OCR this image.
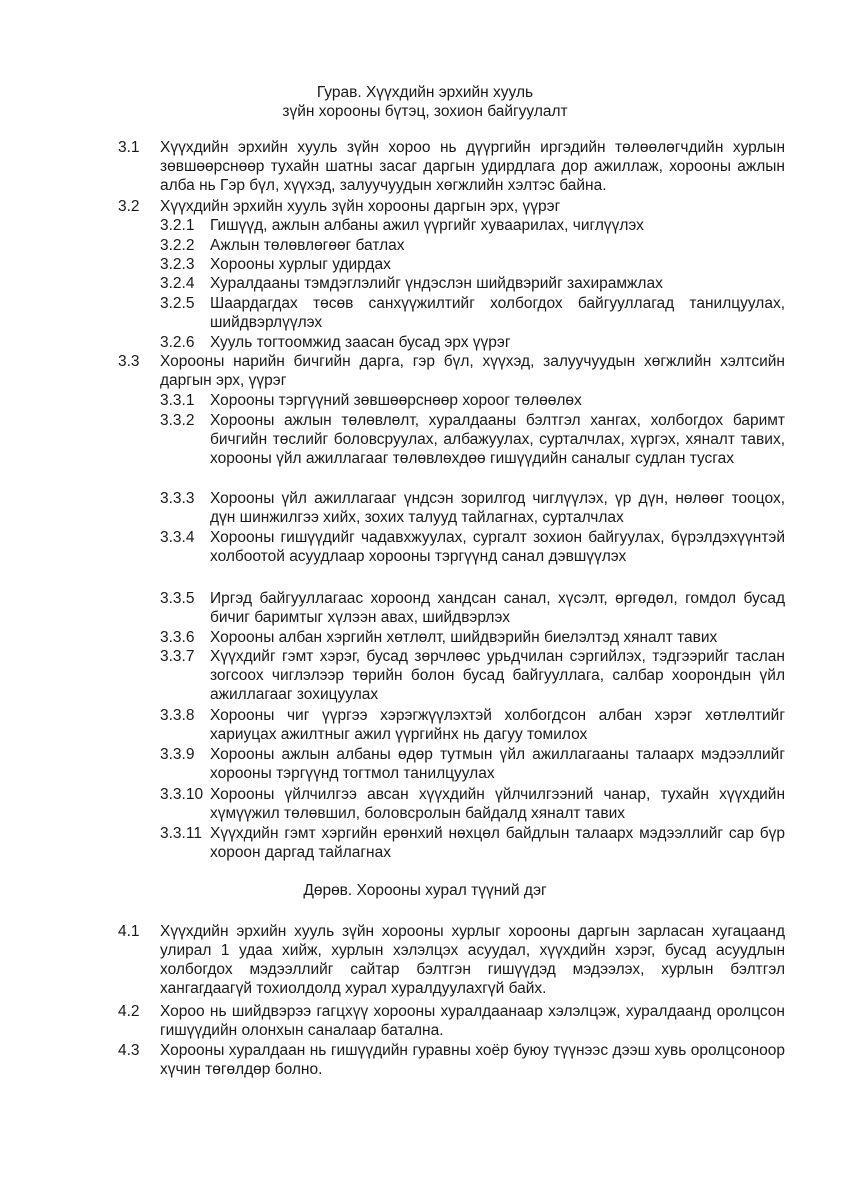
Гурав. Хүүхдийн эрхийн хууль
зүйн хорооны бүтэц, зохион байгуулалт
3.1 Хүүхдийн эрхийн хууль зүйн хороо нь дүүргийн иргэдийн төлөөлөгчдийн хурлын зөвшөөрснөөр тухайн шатны засаг даргын удирдлага дор ажиллаж, хорооны ажлын алба нь Гэр бүл, хүүхэд, залуучуудын хөгжлийн хэлтэс байна.
3.2 Хүүхдийн эрхийн хууль зүйн хорооны даргын эрх, үүрэг
3.2.1 Гишүүд, ажлын албаны ажил үүргийг хуваарилах, чиглүүлэх
3.2.2 Ажлын төлөвлөгөөг батлах
3.2.3 Хорооны хурлыг удирдах
3.2.4 Хуралдааны тэмдэглэлийг үндэслэн шийдвэрийг захирамжлах
3.2.5 Шаардагдах төсөв санхүүжилтийг холбогдох байгууллагад танилцуулах, шийдвэрлүүлэх
3.2.6 Хууль тогтоомжид заасан бусад эрх үүрэг
3.3 Хорооны нарийн бичгийн дарга, гэр бүл, хүүхэд, залуучуудын хөгжлийн хэлтсийн даргын эрх, үүрэг
3.3.1 Хорооны тэргүүний зөвшөөрснөөр хороог төлөөлөх
3.3.2 Хорооны ажлын төлөвлөлт, хуралдааны бэлтгэл хангах, холбогдох баримт бичгийн төслийг боловсруулах, албажуулах, сурталчлах, хүргэх, хяналт тавих, хорооны үйл ажиллагааг төлөвлөхдөө гишүүдийн саналыг судлан тусгах
3.3.3 Хорооны үйл ажиллагааг үндсэн зорилгод чиглүүлэх, үр дүн, нөлөөг тооцох, дүн шинжилгээ хийх, зохих талууд тайлагнах, сурталчлах
3.3.4 Хорооны гишүүдийг чадавхжуулах, сургалт зохион байгуулах, бүрэлдэхүүнтэй холбоотой асуудлаар хорооны тэргүүнд санал дэвшүүлэх
3.3.5 Иргэд байгууллагаас хороонд хандсан санал, хүсэлт, өргөдөл, гомдол бусад бичиг баримтыг хүлээн авах, шийдвэрлэх
3.3.6 Хорооны албан хэргийн хөтлөлт, шийдвэрийн биелэлтэд хяналт тавих
3.3.7 Хүүхдийг гэмт хэрэг, бусад зөрчлөөс урьдчилан сэргийлэх, тэдгээрийг таслан зогсоох чиглэлээр төрийн болон бусад байгууллага, салбар хоорондын үйл ажиллагааг зохицуулах
3.3.8 Хорооны чиг үүргээ хэрэгжүүлэхтэй холбогдсон албан хэрэг хөтлөлтийг хариуцах ажилтныг ажил үүргийнх нь дагуу томилох
3.3.9 Хорооны ажлын албаны өдөр тутмын үйл ажиллагааны талаарх мэдээллийг хорооны тэргүүнд тогтмол танилцуулах
3.3.10 Хорооны үйлчилгээ авсан хүүхдийн үйлчилгээний чанар, тухайн хүүхдийн хүмүүжил төлөвшил, боловсролын байдалд хяналт тавих
3.3.11 Хүүхдийн гэмт хэргийн ерөнхий нөхцөл байдлын талаарх мэдээллийг сар бүр хороон даргад тайлагнах
Дөрөв. Хорооны хурал түүний дэг
4.1 Хүүхдийн эрхийн хууль зүйн хорооны хурлыг хорооны даргын зарласан хугацаанд улирал 1 удаа хийж, хурлын хэлэлцэх асуудал, хүүхдийн хэрэг, бусад асуудлын холбогдох мэдээллийг сайтар бэлтгэн гишүүдэд мэдээлэх, хурлын бэлтгэл хангагдаагүй тохиолдолд хурал хуралдуулахгүй байх.
4.2 Хороо нь шийдвэрээ гагцхүү хорооны хуралдаанаар хэлэлцэж, хуралдаанд оролцсон гишүүдийн олонхын саналаар батална.
4.3 Хорооны хуралдаан нь гишүүдийн гуравны хоёр буюу түүнээс дээш хувь оролцсоноор хүчин төгөлдөр болно.
